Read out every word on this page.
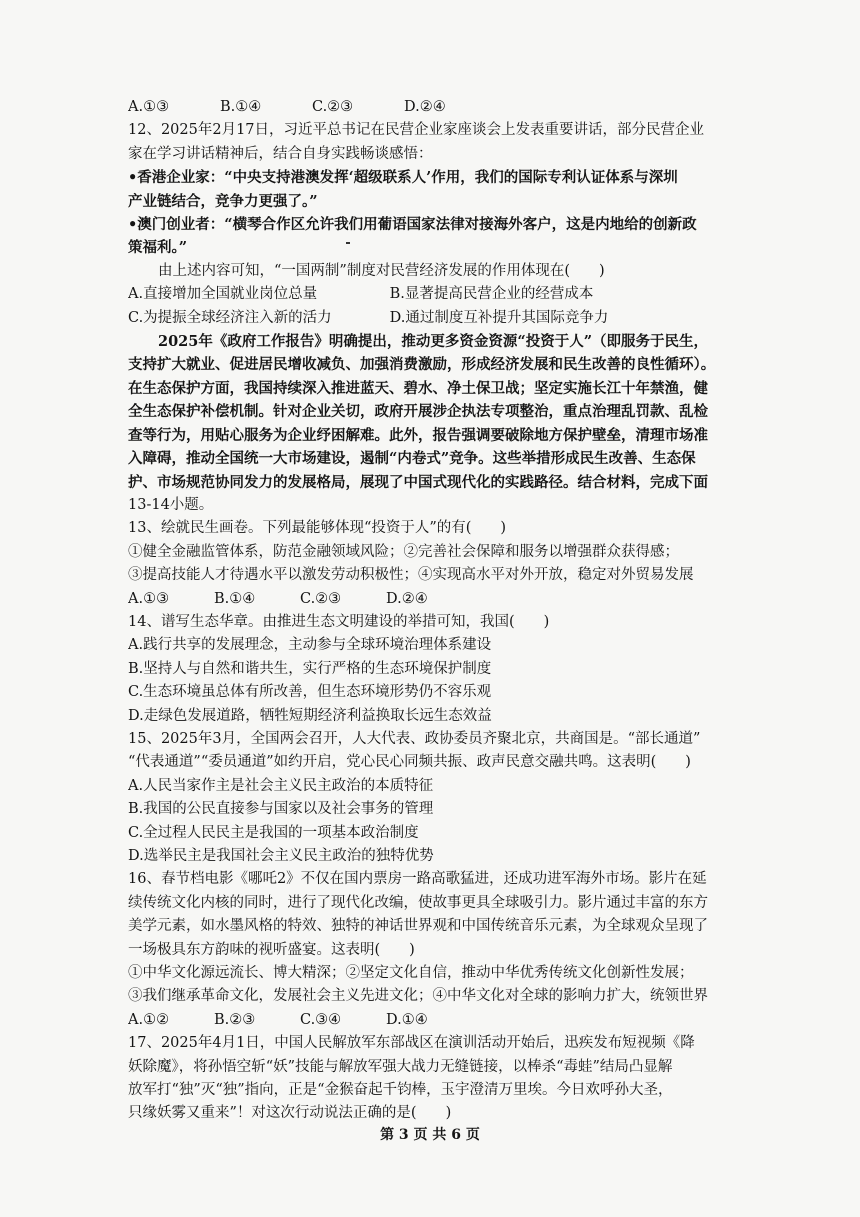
A.①③	B.①④	C.②③	D.②④
12、2025年2月17日，习近平总书记在民营企业家座谈会上发表重要讲话，部分民营企业
家在学习讲话精神后，结合自身实践畅谈感悟：
•香港企业家：“中央支持港澳发挥‘超级联系人’作用，我们的国际专利认证体系与深圳
产业链结合，竞争力更强了。”
•澳门创业者：“横琴合作区允许我们用葡语国家法律对接海外客户，这是内地给的创新政
策福利。”
由上述内容可知，“一国两制”制度对民营经济发展的作用体现在(　　)
A.直接增加全国就业岗位总量　　　　　B.显著提高民营企业的经营成本
C.为提振全球经济注入新的活力　　　　D.通过制度互补提升其国际竞争力
2025年《政府工作报告》明确提出，推动更多资金资源“投资于人”（即服务于民生，
支持扩大就业、促进居民增收减负、加强消费激励，形成经济发展和民生改善的良性循环）。
在生态保护方面，我国持续深入推进蓝天、碧水、净土保卫战；坚定实施长江十年禁渔，健
全生态保护补偿机制。针对企业关切，政府开展涉企执法专项整治，重点治理乱罚款、乱检
查等行为，用贴心服务为企业纾困解难。此外，报告强调要破除地方保护壁垒，清理市场准
入障碍，推动全国统一大市场建设，遏制“内卷式”竞争。这些举措形成民生改善、生态保
护、市场规范协同发力的发展格局，展现了中国式现代化的实践路径。结合材料，完成下面
13-14小题。
13、绘就民生画卷。下列最能够体现“投资于人”的有(　　)
①健全金融监管体系，防范金融领域风险；②完善社会保障和服务以增强群众获得感；
③提高技能人才待遇水平以激发劳动积极性；④实现高水平对外开放，稳定对外贸易发展
A.①③	B.①④	C.②③	D.②④
14、谱写生态华章。由推进生态文明建设的举措可知，我国(　　)
A.践行共享的发展理念，主动参与全球环境治理体系建设
B.坚持人与自然和谐共生，实行严格的生态环境保护制度
C.生态环境虽总体有所改善，但生态环境形势仍不容乐观
D.走绿色发展道路，牺牲短期经济利益换取长远生态效益
15、2025年3月，全国两会召开，人大代表、政协委员齐聚北京，共商国是。“部长通道”
“代表通道”“委员通道”如约开启，党心民心同频共振、政声民意交融共鸣。这表明(　　)
A.人民当家作主是社会主义民主政治的本质特征
B.我国的公民直接参与国家以及社会事务的管理
C.全过程人民民主是我国的一项基本政治制度
D.选举民主是我国社会主义民主政治的独特优势
16、春节档电影《哪吒2》不仅在国内票房一路高歌猛进，还成功进军海外市场。影片在延
续传统文化内核的同时，进行了现代化改编，使故事更具全球吸引力。影片通过丰富的东方
美学元素，如水墨风格的特效、独特的神话世界观和中国传统音乐元素，为全球观众呈现了
一场极具东方韵味的视听盛宴。这表明(　　)
①中华文化源远流长、博大精深；②坚定文化自信，推动中华优秀传统文化创新性发展；
③我们继承革命文化，发展社会主义先进文化；④中华文化对全球的影响力扩大，统领世界
A.①②	B.②③	C.③④	D.①④
17、2025年4月1日，中国人民解放军东部战区在演训活动开始后，迅疾发布短视频《降
妖除魔》，将孙悟空斩“妖”技能与解放军强大战力无缝链接，以棒杀“毒蛙”结局凸显解
放军打“独”灭“独”指向，正是“金猴奋起千钧棒，玉宇澄清万里埃。今日欢呼孙大圣，
只缘妖雾又重来”！对这次行动说法正确的是(　　)
第 3 页 共 6 页
